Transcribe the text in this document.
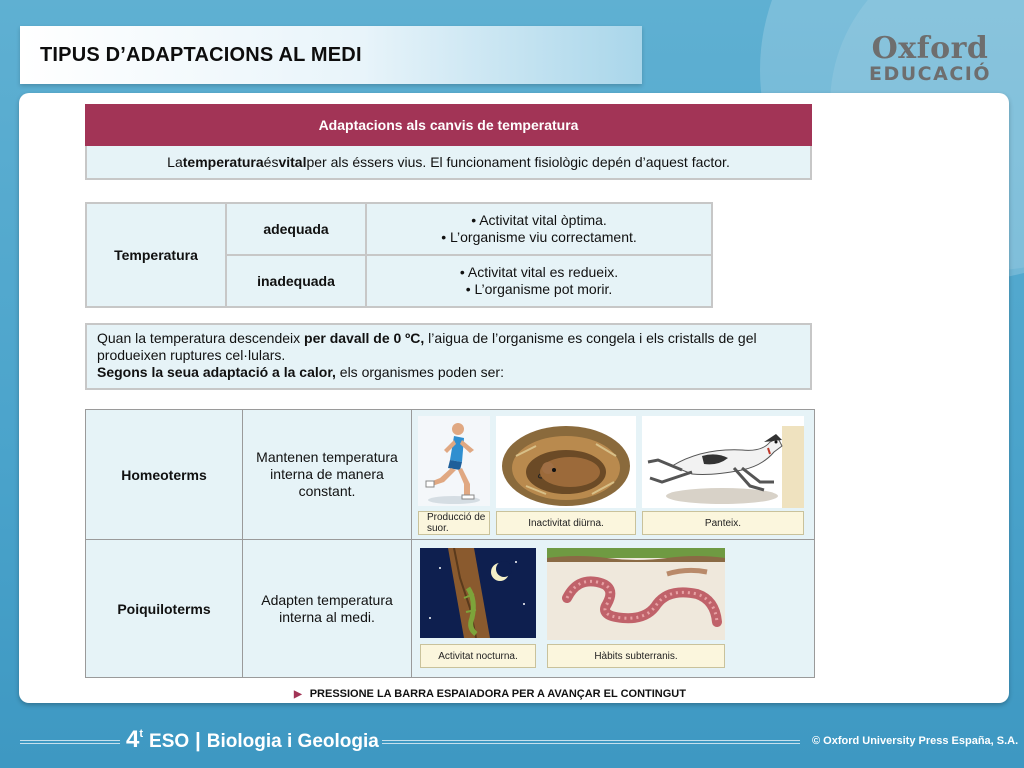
TIPUS D’ADAPTACIONS AL MEDI	Oxford
EDUCACIÓ
Adaptacions als canvis de temperatura
La temperatura és vital per als éssers vius. El funcionament fisiològic depén d’aquest factor.
Temperatura	adequada	• Activitat vital òptima.
• L’organisme viu correctament.

	inadequada	• Activitat vital es redueix.
• L’organisme pot morir.
Quan la temperatura descendeix per davall de 0 ºC, l’aigua de l’organisme es congela i els cristalls de gel produeixen ruptures cel·lulars.
Segons la seua adaptació a la calor, els organismes poden ser:
Homeoterms	Mantenen temperatura interna de manera constant.	Producció de suor. Inactivitat diürna. Panteix.

Poiquiloterms	Adapten temperatura interna al medi.	Activitat nocturna. Hàbits subterranis.
▶ PRESSIONE LA BARRA ESPAIADORA PER A AVANÇAR EL CONTINGUT
4 t ESO | Biologia i Geologia	© Oxford University Press España, S.A.
